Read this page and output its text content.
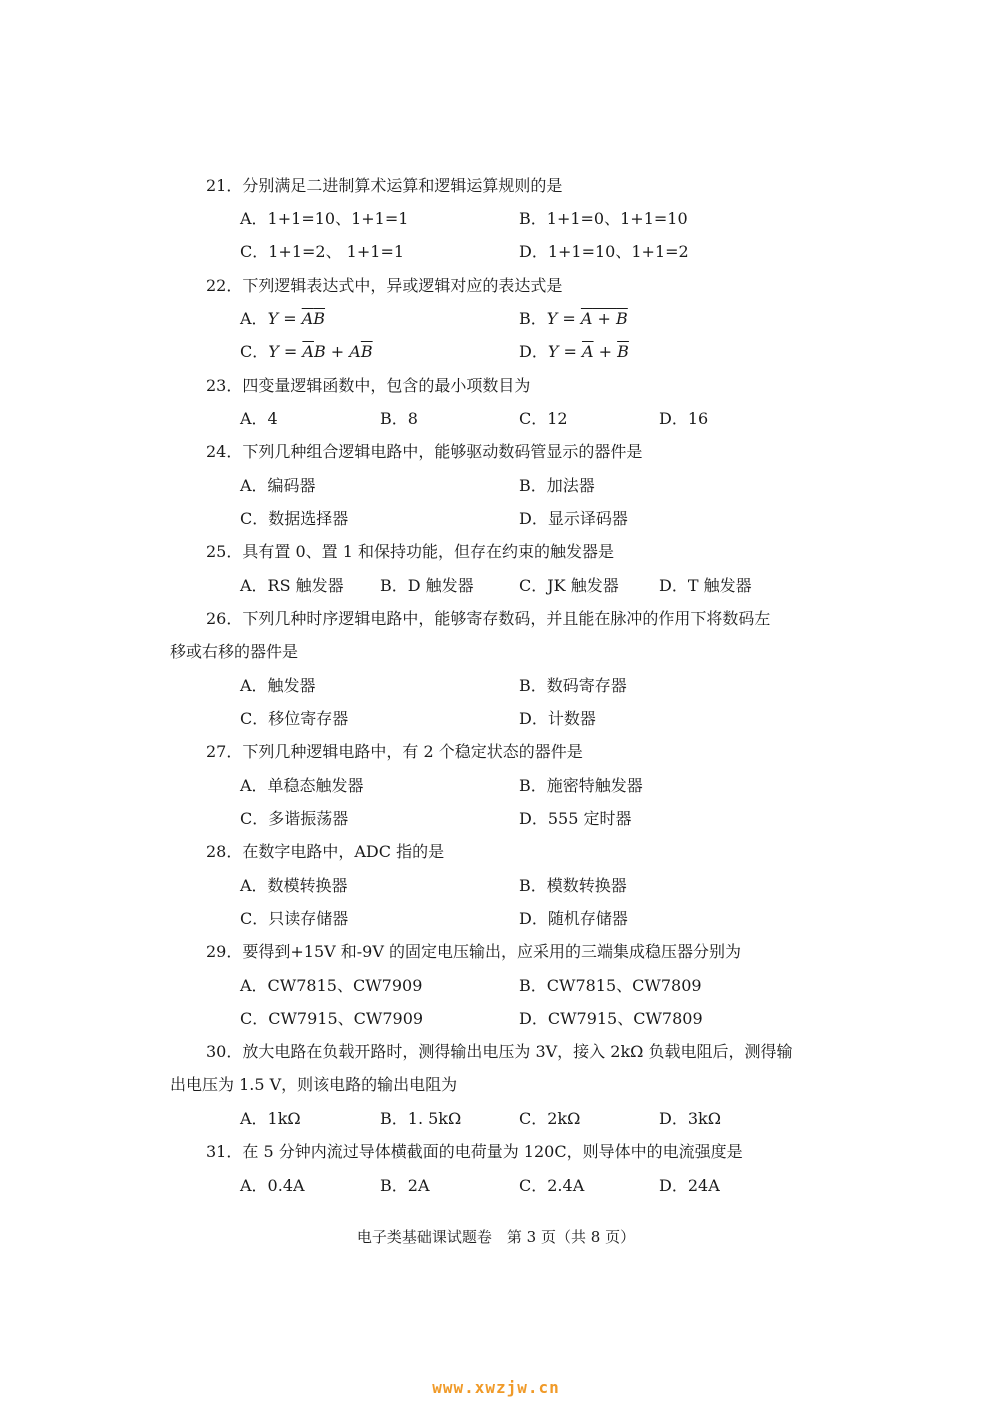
21．分别满足二进制算术运算和逻辑运算规则的是
A．1+1=10、1+1=1	B．1+1=0、1+1=10
C．1+1=2、 1+1=1	D．1+1=10、1+1=2
22．下列逻辑表达式中，异或逻辑对应的表达式是
A．Y = AB	B．Y = A + B
C．$Y = \overline{A}B + A\overline{B}$	D．$Y = \overline{A} + \overline{B}$
23．四变量逻辑函数中，包含的最小项数目为
A．4	B．8	C．12	D．16
24．下列几种组合逻辑电路中，能够驱动数码管显示的器件是
A．编码器	B．加法器
C．数据选择器	D．显示译码器
25．具有置 0、置 1 和保持功能，但存在约束的触发器是
A．RS 触发器 B．D 触发器	C．JK 触发器	D．T 触发器
26．下列几种时序逻辑电路中，能够寄存数码，并且能在脉冲的作用下将数码左
移或右移的器件是
A．触发器	B．数码寄存器
C．移位寄存器	D．计数器
27．下列几种逻辑电路中，有 2 个稳定状态的器件是
A．单稳态触发器	B．施密特触发器
C．多谐振荡器	D．555 定时器
28．在数字电路中，ADC 指的是
A．数模转换器	B．模数转换器
C．只读存储器	D．随机存储器
29．要得到+15V 和-9V 的固定电压输出，应采用的三端集成稳压器分别为
A．CW7815、CW7909	B．CW7815、CW7809
C．CW7915、CW7909	D．CW7915、CW7809
30．放大电路在负载开路时，测得输出电压为 3V，接入 2kΩ 负载电阻后，测得输
出电压为 1.5 V，则该电路的输出电阻为
A．1kΩ	B．1. 5kΩ	C．2kΩ	D．3kΩ
31．在 5 分钟内流过导体横截面的电荷量为 120C，则导体中的电流强度是
A．0.4A	B．2A	C．2.4A	D．24A
电子类基础课试题卷　第 3 页（共 8 页）
www.xwzjw.cn
